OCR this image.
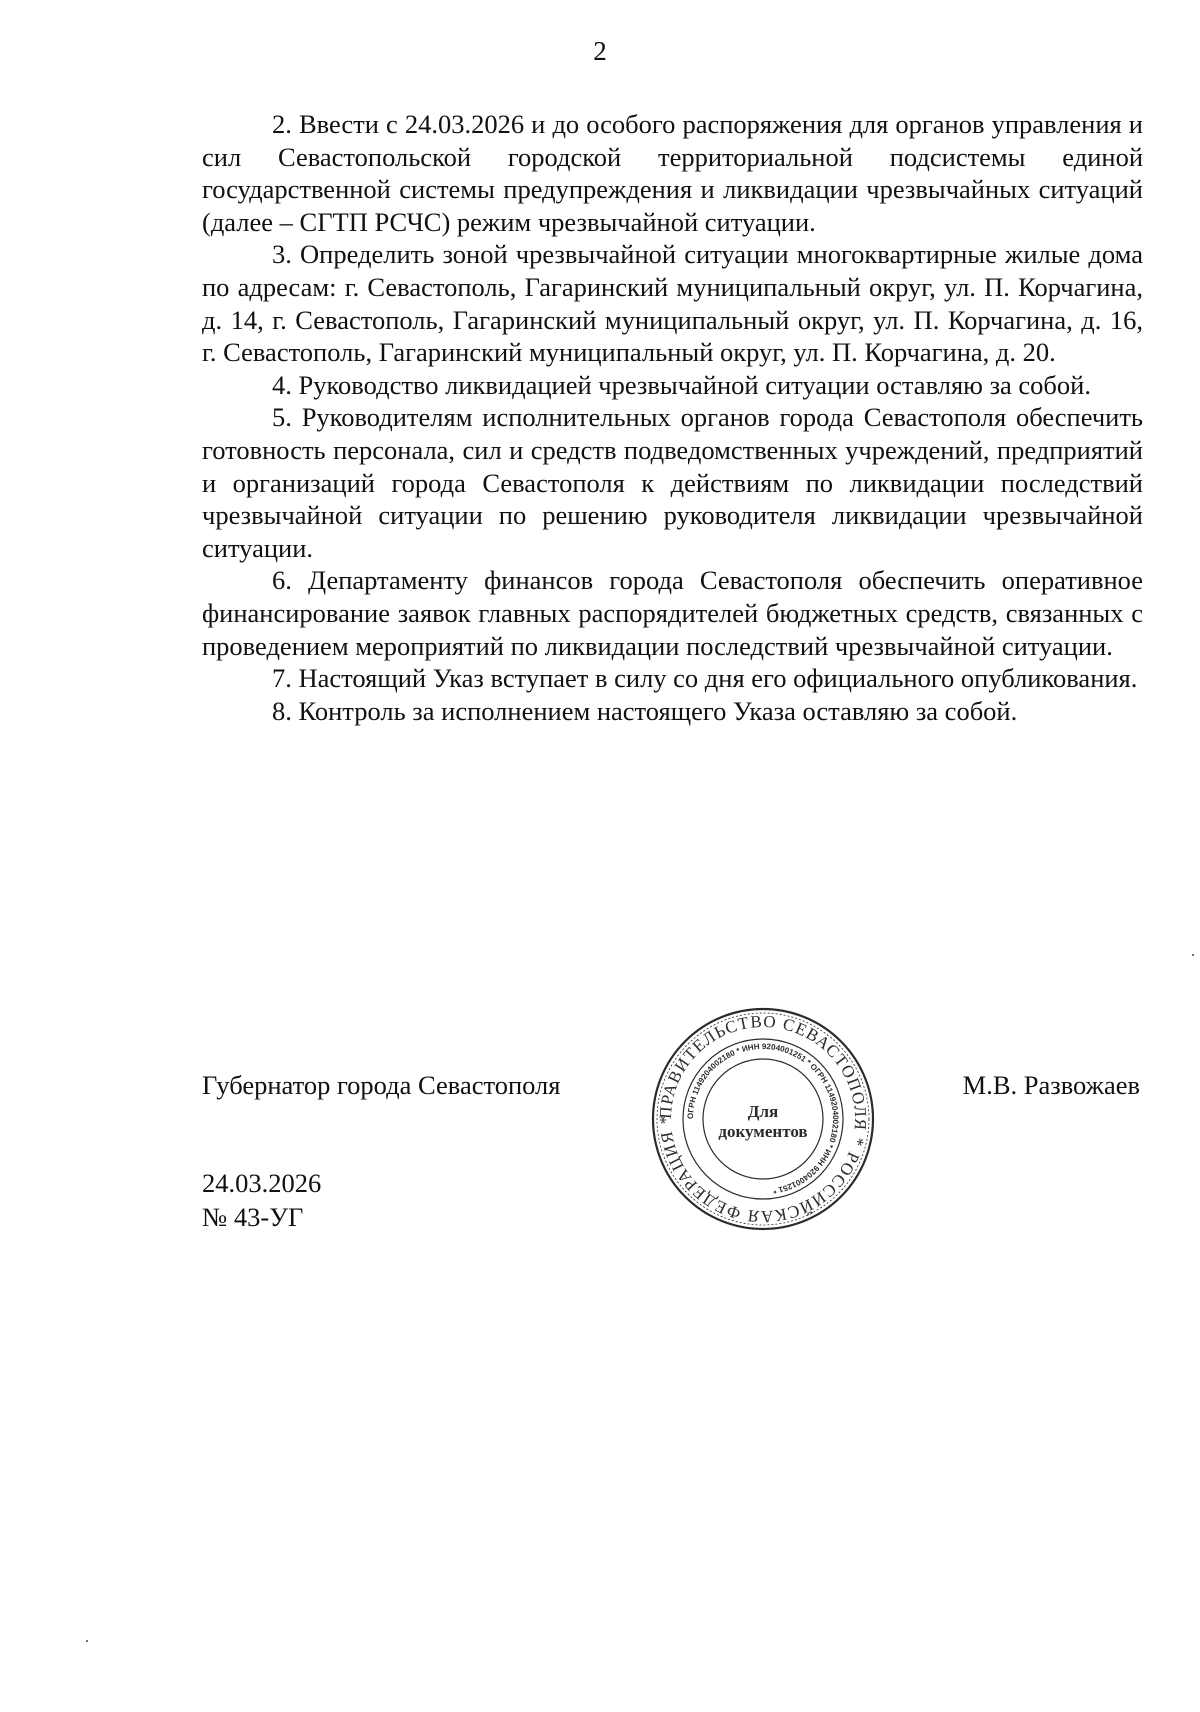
2

2. Ввести с 24.03.2026 и до особого распоряжения для органов управления и сил Севастопольской городской территориальной подсистемы единой государственной системы предупреждения и ликвидации чрезвычайных ситуаций (далее – СГТП РСЧС) режим чрезвычайной ситуации.

3. Определить зоной чрезвычайной ситуации многоквартирные жилые дома по адресам: г. Севастополь, Гагаринский муниципальный округ, ул. П. Корчагина, д. 14, г. Севастополь, Гагаринский муниципальный округ, ул. П. Корчагина, д. 16, г. Севастополь, Гагаринский муниципальный округ, ул. П. Корчагина, д. 20.

4. Руководство ликвидацией чрезвычайной ситуации оставляю за собой.

5. Руководителям исполнительных органов города Севастополя обеспечить готовность персонала, сил и средств подведомственных учреждений, предприятий и организаций города Севастополя к действиям по ликвидации последствий чрезвычайной ситуации по решению руководителя ликвидации чрезвычайной ситуации.

6. Департаменту финансов города Севастополя обеспечить оперативное финансирование заявок главных распорядителей бюджетных средств, связанных с проведением мероприятий по ликвидации последствий чрезвычайной ситуации.

7. Настоящий Указ вступает в силу со дня его официального опубликования.

8. Контроль за исполнением настоящего Указа оставляю за собой.

Губернатор города Севастополя	М.В. Развожаев
ПРАВИТЕЛЬСТВО СЕВАСТОПОЛЯ * РОССИЙСКАЯ ФЕДЕРАЦИЯ *	ОГРН 1149204002180 * ИНН 9204001251 * ОГРН 1149204002180 * ИНН 9204001251 *
Для
документов
24.03.2026
№ 43-УГ
